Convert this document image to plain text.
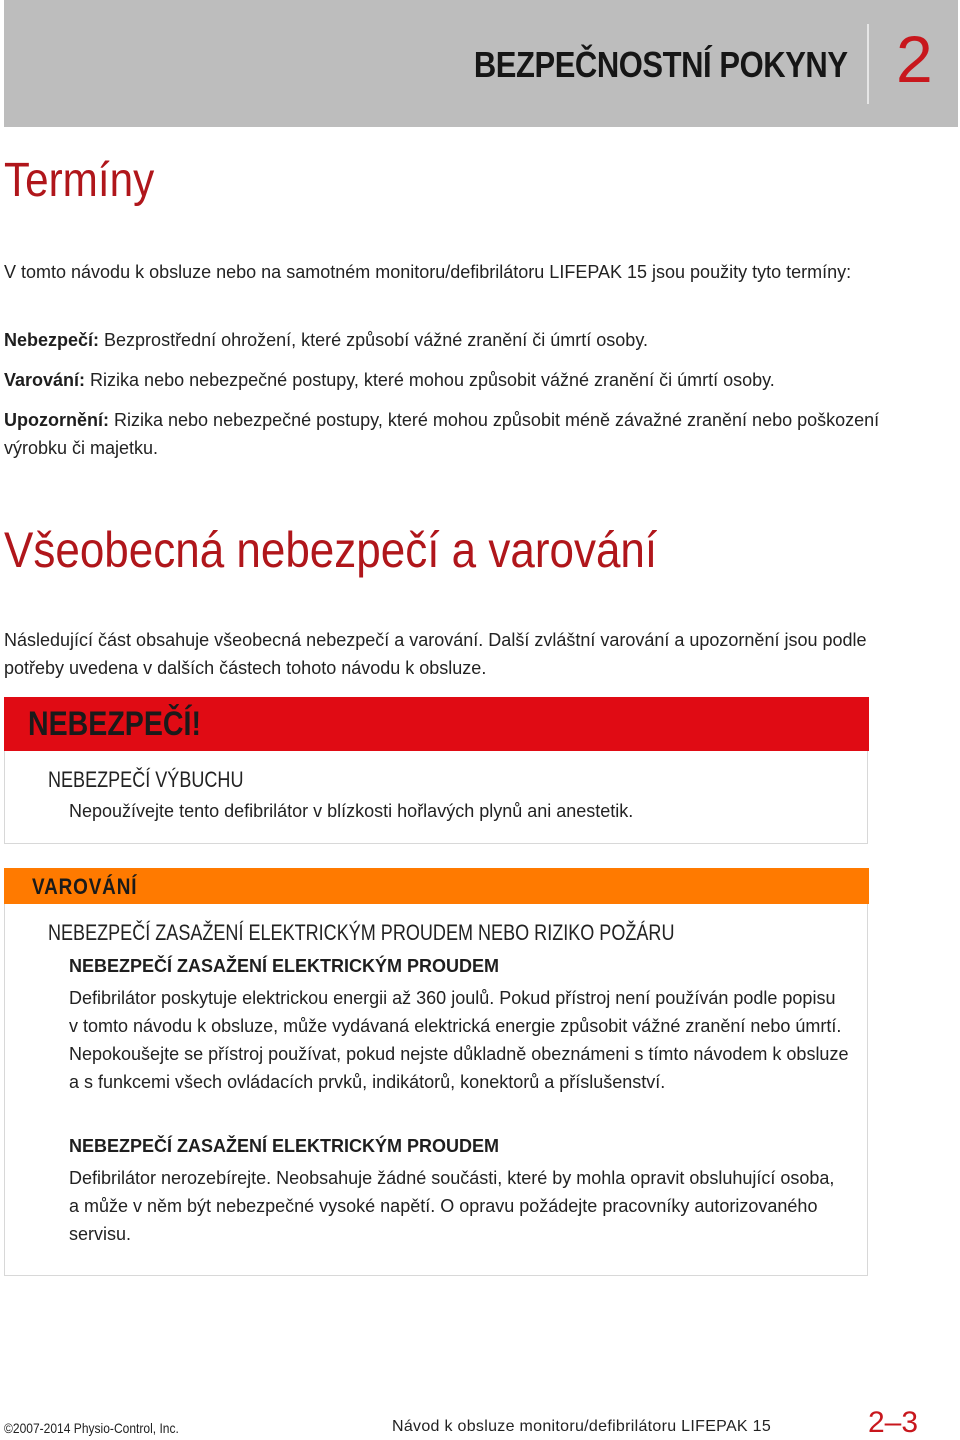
BEZPEČNOSTNÍ POKYNY 2
Termíny

V tomto návodu k obsluze nebo na samotném monitoru/defibrilátoru LIFEPAK 15 jsou použity tyto termíny:

Nebezpečí: Bezprostřední ohrožení, které způsobí vážné zranění či úmrtí osoby.

Varování: Rizika nebo nebezpečné postupy, které mohou způsobit vážné zranění či úmrtí osoby.

Upozornění: Rizika nebo nebezpečné postupy, které mohou způsobit méně závažné zranění nebo poškození výrobku či majetku.

Všeobecná nebezpečí a varování

Následující část obsahuje všeobecná nebezpečí a varování. Další zvláštní varování a upozornění jsou podle potřeby uvedena v dalších částech tohoto návodu k obsluze.

NEBEZPEČÍ!
NEBEZPEČÍ VÝBUCHU

Nepoužívejte tento defibrilátor v blízkosti hořlavých plynů ani anestetik.

VAROVÁNÍ
NEBEZPEČÍ ZASAŽENÍ ELEKTRICKÝM PROUDEM NEBO RIZIKO POŽÁRU
NEBEZPEČÍ ZASAŽENÍ ELEKTRICKÝM PROUDEM

Defibrilátor poskytuje elektrickou energii až 360 joulů. Pokud přístroj není používán podle popisu v tomto návodu k obsluze, může vydávaná elektrická energie způsobit vážné zranění nebo úmrtí. Nepokoušejte se přístroj používat, pokud nejste důkladně obeznámeni s tímto návodem k obsluze a s funkcemi všech ovládacích prvků, indikátorů, konektorů a příslušenství.

NEBEZPEČÍ ZASAŽENÍ ELEKTRICKÝM PROUDEM

Defibrilátor nerozebírejte. Neobsahuje žádné součásti, které by mohla opravit obsluhující osoba, a může v něm být nebezpečné vysoké napětí. O opravu požádejte pracovníky autorizovaného servisu.

©2007-2014 Physio-Control, Inc.	Návod k obsluze monitoru/defibrilátoru LIFEPAK 15	2–3
